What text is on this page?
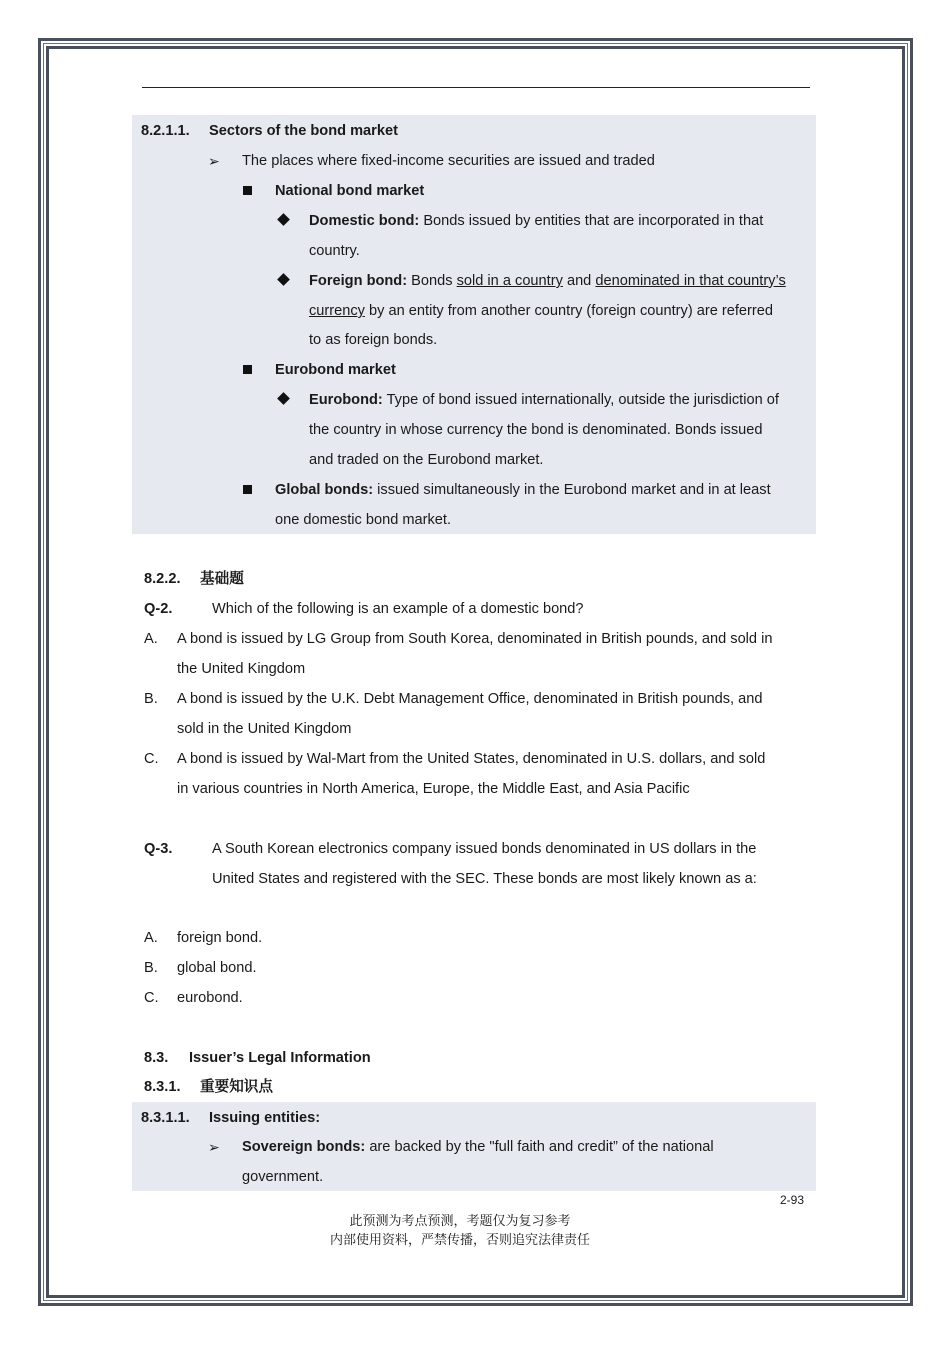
8.2.1.1. Sectors of the bond market
➢ The places where fixed-income securities are issued and traded
National bond market
Domestic bond: Bonds issued by entities that are incorporated in that
country.
Foreign bond: Bonds sold in a country and denominated in that country’s
currency by an entity from another country (foreign country) are referred
to as foreign bonds.
Eurobond market
Eurobond: Type of bond issued internationally, outside the jurisdiction of
the country in whose currency the bond is denominated. Bonds issued
and traded on the Eurobond market.
Global bonds: issued simultaneously in the Eurobond market and in at least
one domestic bond market.
8.2.2. 基础题
Q-2.	Which of the following is an example of a domestic bond?
A. A bond is issued by LG Group from South Korea, denominated in British pounds, and sold in
the United Kingdom
B. A bond is issued by the U.K. Debt Management Office, denominated in British pounds, and
sold in the United Kingdom
C. A bond is issued by Wal-Mart from the United States, denominated in U.S. dollars, and sold
in various countries in North America, Europe, the Middle East, and Asia Pacific
Q-3.	A South Korean electronics company issued bonds denominated in US dollars in the
United States and registered with the SEC. These bonds are most likely known as a:
A. foreign bond.
B. global bond.
C. eurobond.
8.3. Issuer’s Legal Information
8.3.1. 重要知识点
8.3.1.1. Issuing entities:
➢ Sovereign bonds: are backed by the "full faith and credit” of the national
government.
2-93
此预测为考点预测，考题仅为复习参考
内部使用资料，严禁传播，否则追究法律责任
